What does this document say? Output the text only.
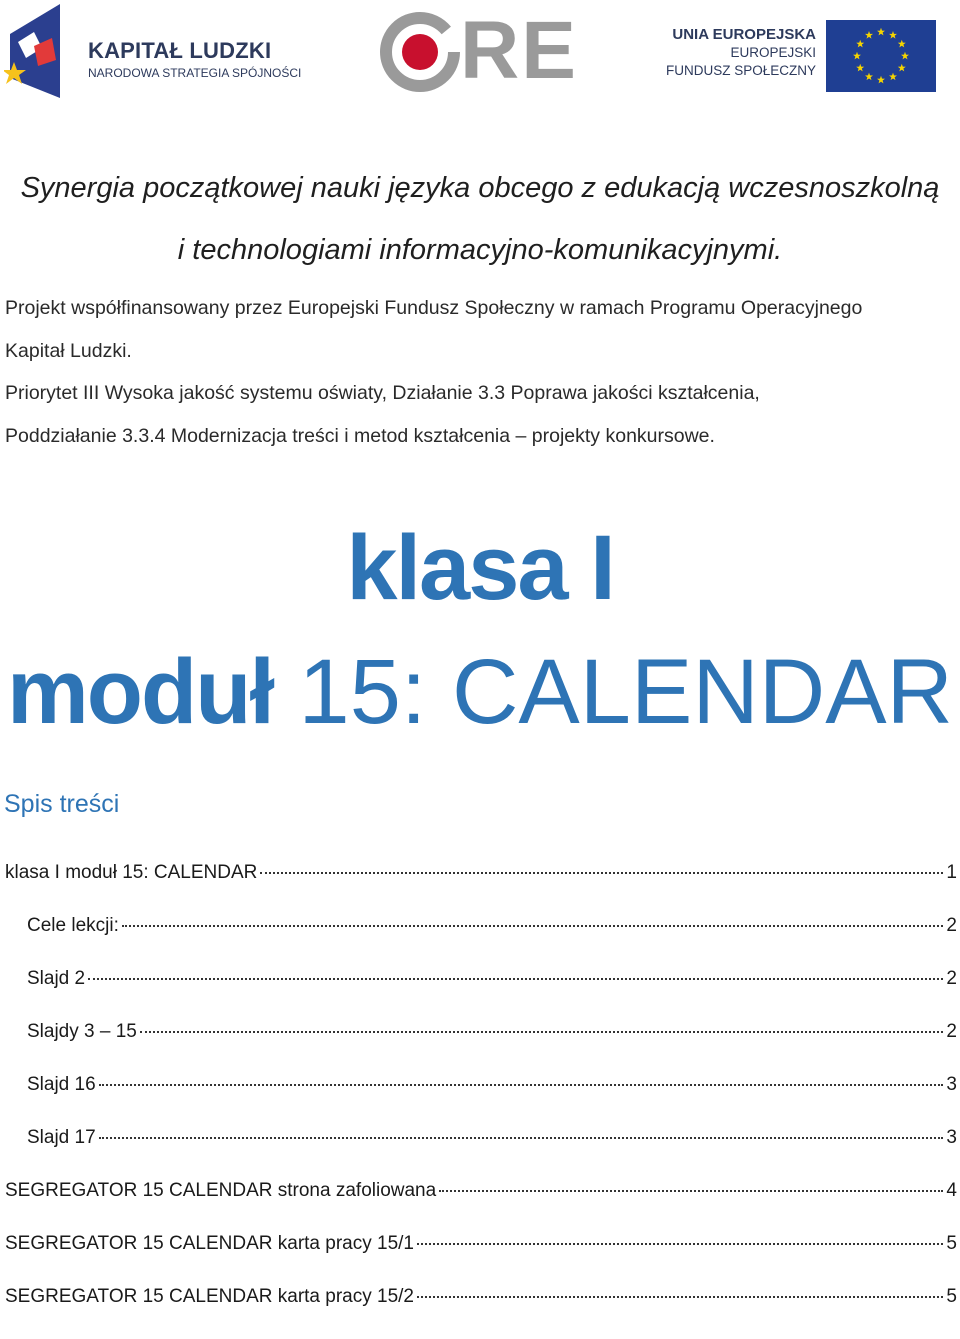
KAPITAŁ LUDZKI
NARODOWA STRATEGIA SPÓJNOŚCI RE	UNIA EUROPEJSKA
EUROPEJSKI
FUNDUSZ SPOŁECZNY
Synergia początkowej nauki języka obcego z edukacją wczesnoszkolną
i technologiami informacyjno-komunikacyjnymi.
Projekt współfinansowany przez Europejski Fundusz Społeczny w ramach Programu Operacyjnego
Kapitał Ludzki.
Priorytet III Wysoka jakość systemu oświaty, Działanie 3.3 Poprawa jakości kształcenia,
Poddziałanie 3.3.4 Modernizacja treści i metod kształcenia – projekty konkursowe.
klasa I
moduł 15: CALENDAR
Spis treści
klasa I moduł 15: CALENDAR	1
Cele lekcji:	2
Slajd 2	2
Slajdy 3 – 15	2
Slajd 16	3
Slajd 17	3
SEGREGATOR 15 CALENDAR strona zafoliowana	4
SEGREGATOR 15 CALENDAR karta pracy 15/1	5
SEGREGATOR 15 CALENDAR karta pracy 15/2	5
